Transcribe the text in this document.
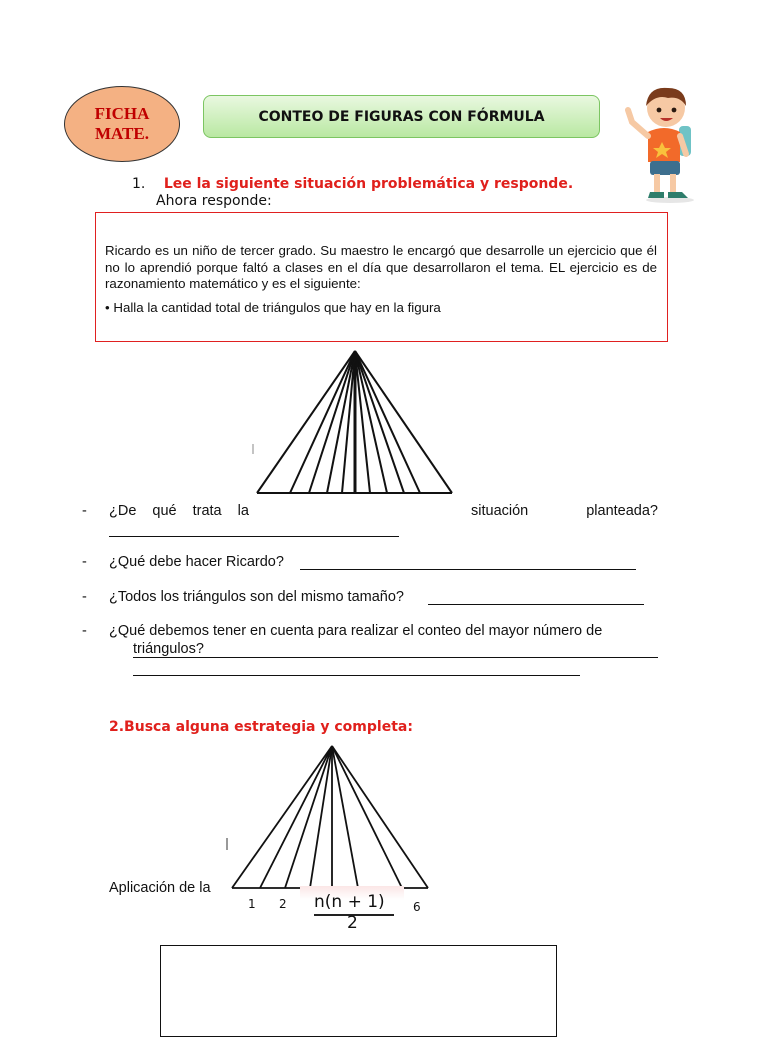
FICHA
MATE.
CONTEO DE FIGURAS CON FÓRMULA
1. Lee la siguiente situación problemática y responde.
Ahora responde:
Ricardo es un niño de tercer grado. Su maestro le encargó que desarrolle un ejercicio que él no lo aprendió porque faltó a clases en el día que desarrollaron el tema. EL ejercicio es de razonamiento matemático y es el siguiente:
• Halla la cantidad total de triángulos que hay en la figura
- ¿De qué trata la	situación	planteada?
- ¿Qué debe hacer Ricardo?
- ¿Todos los triángulos son del mismo tamaño?
- ¿Qué debemos tener en cuenta para realizar el conteo del mayor número de
triángulos?
2.Busca alguna estrategia y completa:
Aplicación de la
1 2	6
n(n + 1)
2
